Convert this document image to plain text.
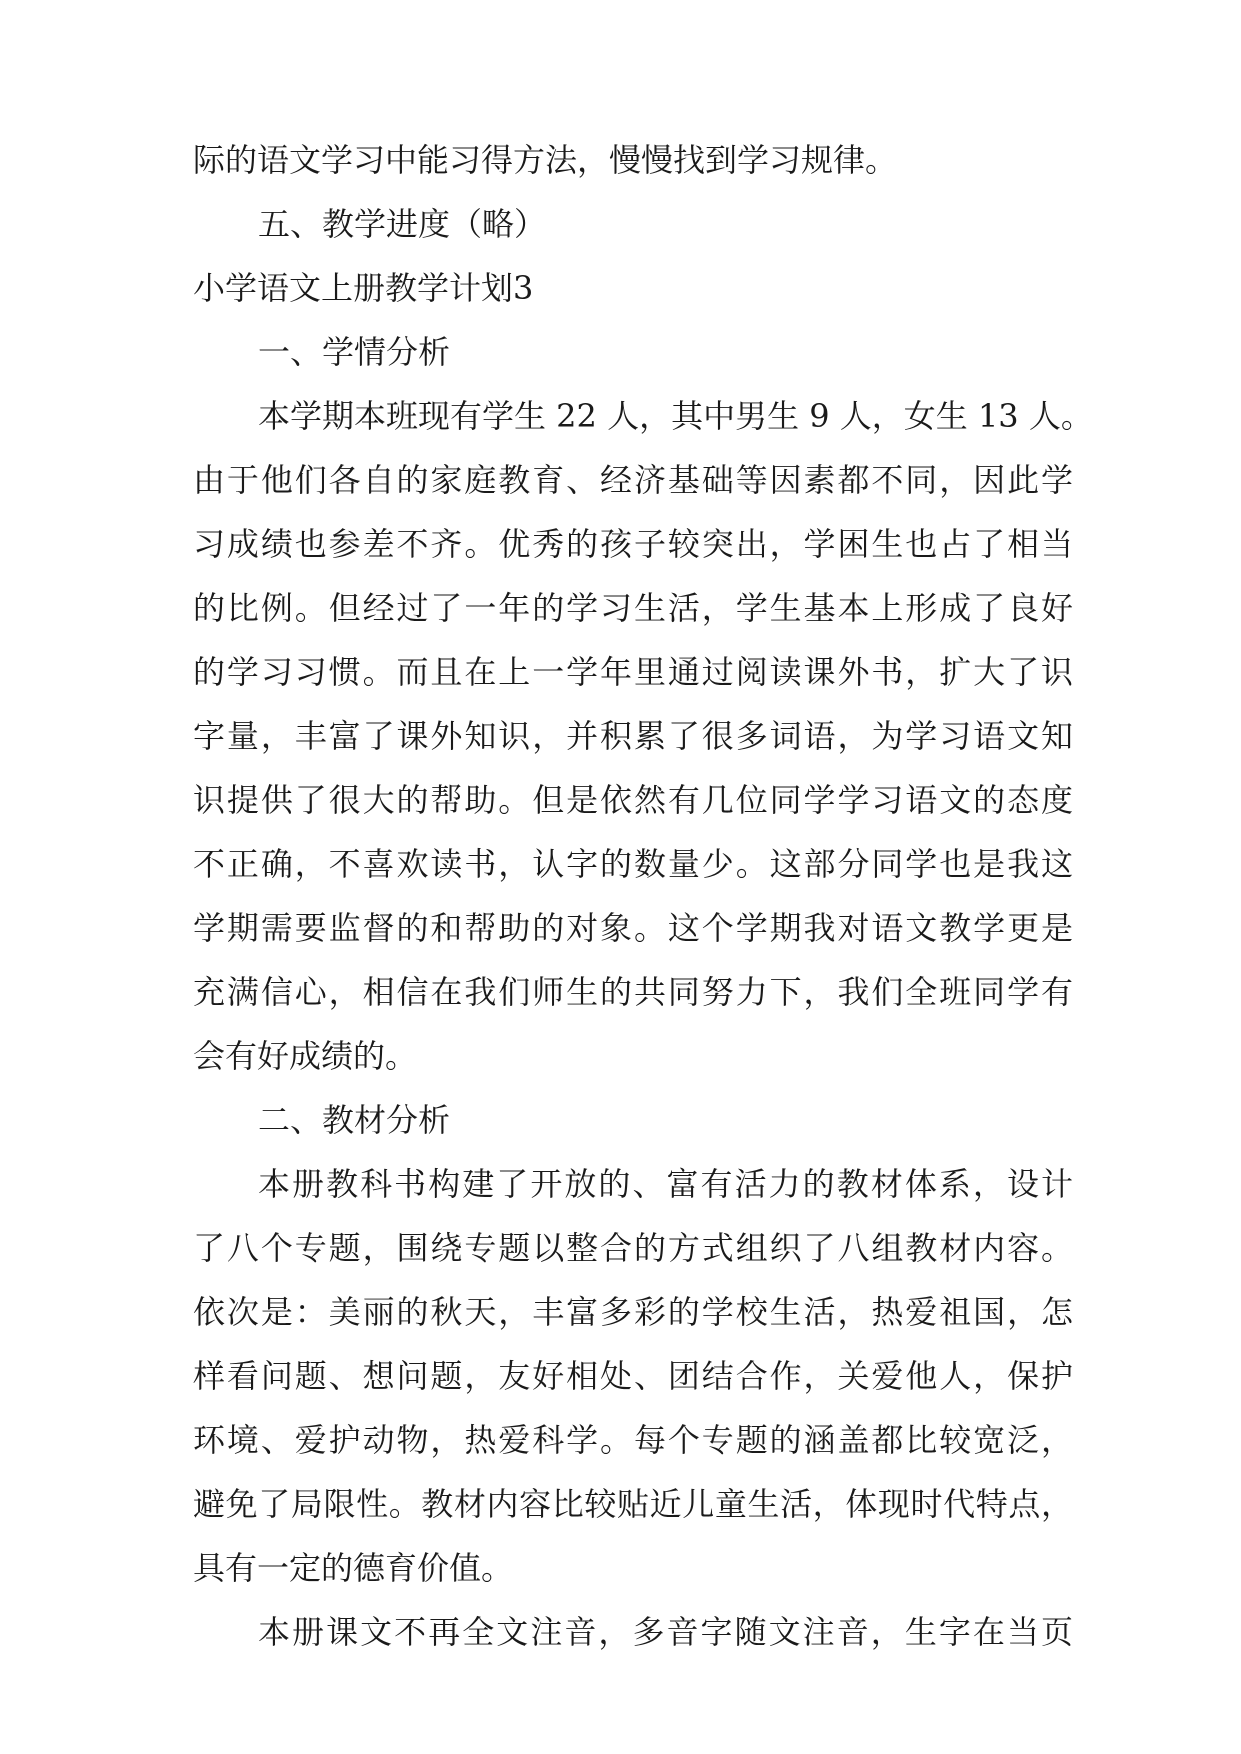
际的语文学习中能习得方法，慢慢找到学习规律。
五、教学进度（略）
小学语文上册教学计划3
一、学情分析
本学期本班现有学生 22 人，其中男生 9 人，女生 13 人。
由于他们各自的家庭教育、经济基础等因素都不同，因此学
习成绩也参差不齐。优秀的孩子较突出，学困生也占了相当
的比例。但经过了一年的学习生活，学生基本上形成了良好
的学习习惯。而且在上一学年里通过阅读课外书，扩大了识
字量，丰富了课外知识，并积累了很多词语，为学习语文知
识提供了很大的帮助。但是依然有几位同学学习语文的态度
不正确，不喜欢读书，认字的数量少。这部分同学也是我这
学期需要监督的和帮助的对象。这个学期我对语文教学更是
充满信心，相信在我们师生的共同努力下，我们全班同学有
会有好成绩的。
二、教材分析
本册教科书构建了开放的、富有活力的教材体系，设计
了八个专题，围绕专题以整合的方式组织了八组教材内容。
依次是：美丽的秋天，丰富多彩的学校生活，热爱祖国，怎
样看问题、想问题，友好相处、团结合作，关爱他人，保护
环境、爱护动物，热爱科学。每个专题的涵盖都比较宽泛，
避免了局限性。教材内容比较贴近儿童生活，体现时代特点，
具有一定的德育价值。
本册课文不再全文注音，多音字随文注音，生字在当页
